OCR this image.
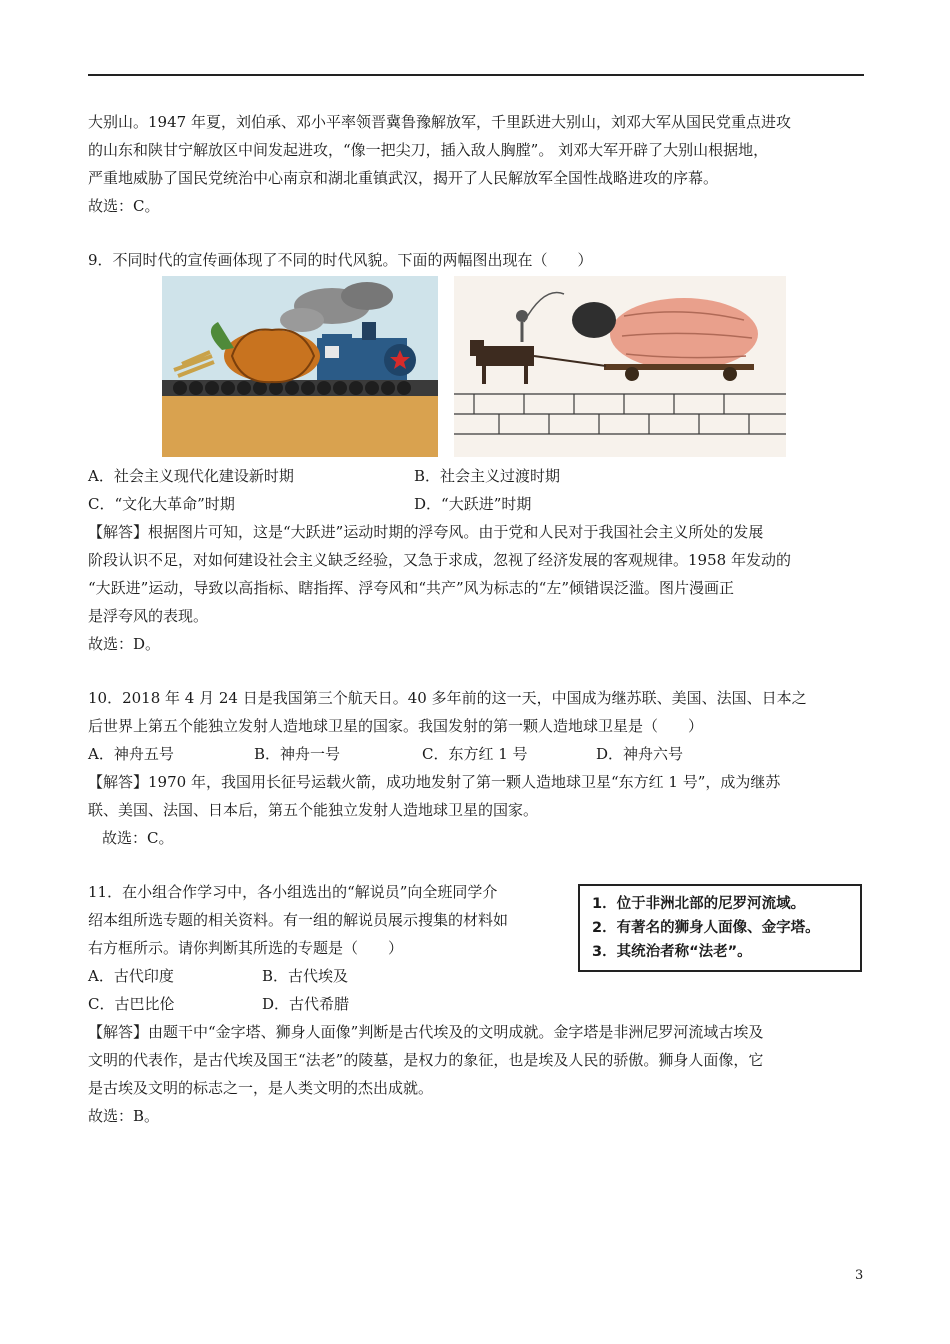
大别山。1947 年夏，刘伯承、邓小平率领晋冀鲁豫解放军，千里跃进大别山，刘邓大军从国民党重点进攻
的山东和陕甘宁解放区中间发起进攻，“像一把尖刀，插入敌人胸膛”。 刘邓大军开辟了大别山根据地，
严重地威胁了国民党统治中心南京和湖北重镇武汉，揭开了人民解放军全国性战略进攻的序幕。
故选：C。
9．不同时代的宣传画体现了不同的时代风貌。下面的两幅图出现在（　　）
A．社会主义现代化建设新时期	B．社会主义过渡时期
C．“文化大革命”时期	D．“大跃进”时期
【解答】根据图片可知，这是“大跃进”运动时期的浮夸风。由于党和人民对于我国社会主义所处的发展
阶段认识不足，对如何建设社会主义缺乏经验，又急于求成，忽视了经济发展的客观规律。1958 年发动的
“大跃进”运动，导致以高指标、瞎指挥、浮夸风和“共产”风为标志的“左”倾错误泛滥。图片漫画正
是浮夸风的表现。
故选：D。
10．2018 年 4 月 24 日是我国第三个航天日。40 多年前的这一天，中国成为继苏联、美国、法国、日本之
后世界上第五个能独立发射人造地球卫星的国家。我国发射的第一颗人造地球卫星是（　　）
A．神舟五号	B．神舟一号	C．东方红 1 号	D．神舟六号
【解答】1970 年，我国用长征号运载火箭，成功地发射了第一颗人造地球卫星“东方红 1 号”，成为继苏
联、美国、法国、日本后，第五个能独立发射人造地球卫星的国家。
故选：C。
1．位于非洲北部的尼罗河流域。
2．有著名的狮身人面像、金字塔。
3．其统治者称“法老”。
11．在小组合作学习中，各小组选出的“解说员”向全班同学介
绍本组所选专题的相关资料。有一组的解说员展示搜集的材料如
右方框所示。请你判断其所选的专题是（　　）
A．古代印度	B．古代埃及
C．古巴比伦	D．古代希腊
【解答】由题干中“金字塔、狮身人面像”判断是古代埃及的文明成就。金字塔是非洲尼罗河流域古埃及
文明的代表作，是古代埃及国王“法老”的陵墓，是权力的象征，也是埃及人民的骄傲。狮身人面像，它
是古埃及文明的标志之一，是人类文明的杰出成就。
故选：B。
3
